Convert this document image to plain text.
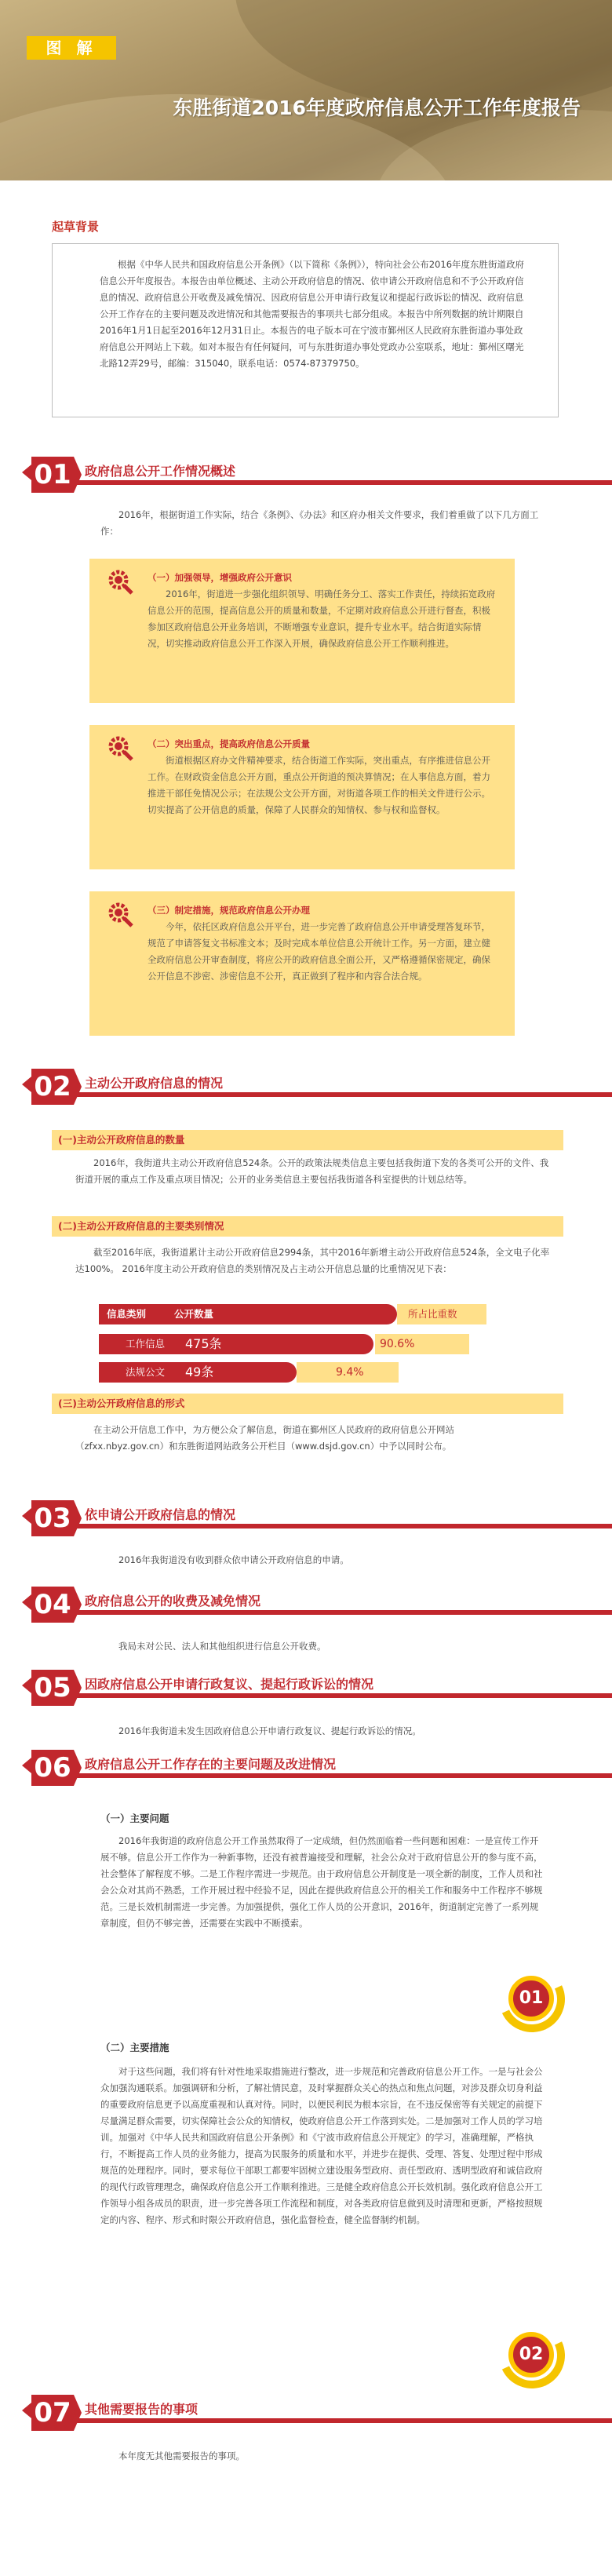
图 解
东胜街道2016年度政府信息公开工作年度报告
起草背景
根据《中华人民共和国政府信息公开条例》（以下简称《条例》），特向社会公布2016年度东胜街道政府信息公开年度报告。本报告由单位概述、主动公开政府信息的情况、依申请公开政府信息和不予公开政府信息的情况、政府信息公开收费及减免情况、因政府信息公开申请行政复议和提起行政诉讼的情况、政府信息公开工作存在的主要问题及改进情况和其他需要报告的事项共七部分组成。本报告中所列数据的统计期限自2016年1月1日起至2016年12月31日止。本报告的电子版本可在宁波市鄞州区人民政府东胜街道办事处政府信息公开网站上下载。如对本报告有任何疑问，可与东胜街道办事处党政办公室联系，地址：鄞州区曙光北路12弄29号，邮编：315040，联系电话：0574-87379750。
01 政府信息公开工作情况概述
2016年，根据街道工作实际，结合《条例》、《办法》和区府办相关文件要求，我们着重做了以下几方面工作：
（一）加强领导，增强政府公开意识
2016年，街道进一步强化组织领导、明确任务分工、落实工作责任，持续拓宽政府信息公开的范围，提高信息公开的质量和数量，不定期对政府信息公开进行督查，积极参加区政府信息公开业务培训，不断增强专业意识，提升专业水平。结合街道实际情况，切实推动政府信息公开工作深入开展，确保政府信息公开工作顺利推进。
（二）突出重点，提高政府信息公开质量
街道根据区府办文件精神要求，结合街道工作实际，突出重点，有序推进信息公开工作。在财政资金信息公开方面，重点公开街道的预决算情况；在人事信息方面，着力推进干部任免情况公示；在法规公文公开方面，对街道各项工作的相关文件进行公示。切实提高了公开信息的质量，保障了人民群众的知情权、参与权和监督权。
（三）制定措施，规范政府信息公开办理
今年，依托区政府信息公开平台，进一步完善了政府信息公开申请受理答复环节，规范了申请答复文书标准文本；及时完成本单位信息公开统计工作。另一方面，建立健全政府信息公开审查制度，将应公开的政府信息全面公开，又严格遵循保密规定，确保公开信息不涉密、涉密信息不公开，真正做到了程序和内容合法合规。
02 主动公开政府信息的情况
(一)主动公开政府信息的数量
2016年，我街道共主动公开政府信息524条。公开的政策法规类信息主要包括我街道下发的各类可公开的文件、我街道开展的重点工作及重点项目情况；公开的业务类信息主要包括我街道各科室提供的计划总结等。
(二)主动公开政府信息的主要类别情况
截至2016年底，我街道累计主动公开政府信息2994条，其中2016年新增主动公开政府信息524条，全文电子化率达100%。 2016年度主动公开政府信息的类别情况及占主动公开信息总量的比重情况见下表：
信息类别	公开数量	所占比重数
工作信息 475条	90.6%
法规公文 49条	9.4%
(三)主动公开政府信息的形式
在主动公开信息工作中，为方便公众了解信息，街道在鄞州区人民政府的政府信息公开网站（zfxx.nbyz.gov.cn）和东胜街道网站政务公开栏目（www.dsjd.gov.cn）中予以同时公布。
03 依申请公开政府信息的情况
2016年我街道没有收到群众依申请公开政府信息的申请。
04 政府信息公开的收费及减免情况
我局未对公民、法人和其他组织进行信息公开收费。
05 因政府信息公开申请行政复议、提起行政诉讼的情况
2016年我街道未发生因政府信息公开申请行政复议、提起行政诉讼的情况。
06 政府信息公开工作存在的主要问题及改进情况
（一）主要问题
2016年我街道的政府信息公开工作虽然取得了一定成绩，但仍然面临着一些问题和困难：一是宣传工作开展不够。信息公开工作作为一种新事物，还没有被普遍接受和理解，社会公众对于政府信息公开的参与度不高，社会整体了解程度不够。二是工作程序需进一步规范。由于政府信息公开制度是一项全新的制度，工作人员和社会公众对其尚不熟悉，工作开展过程中经验不足，因此在提供政府信息公开的相关工作和服务中工作程序不够规范。三是长效机制需进一步完善。为加强提供，强化工作人员的公开意识，2016年，街道制定完善了一系列规章制度，但仍不够完善，还需要在实践中不断摸索。
01
（二）主要措施
对于这些问题，我们将有针对性地采取措施进行整改，进一步规范和完善政府信息公开工作。一是与社会公众加强沟通联系。加强调研和分析，了解社情民意，及时掌握群众关心的热点和焦点问题，对涉及群众切身利益的重要政府信息更予以高度重视和认真对待。同时，以便民利民为根本宗旨，在不违反保密等有关规定的前提下尽量满足群众需要，切实保障社会公众的知情权，使政府信息公开工作落到实处。二是加强对工作人员的学习培训。加强对《中华人民共和国政府信息公开条例》和《宁波市政府信息公开规定》的学习，准确理解，严格执行，不断提高工作人员的业务能力，提高为民服务的质量和水平，并进步在提供、受理、答复、处理过程中形成规范的处理程序。同时，要求每位干部职工都要牢固树立建设服务型政府、责任型政府、透明型政府和诚信政府的现代行政管理理念，确保政府信息公开工作顺利推进。三是健全政府信息公开长效机制。强化政府信息公开工作领导小组各成员的职责，进一步完善各项工作流程和制度，对各类政府信息做到及时清理和更新，严格按照规定的内容、程序、形式和时限公开政府信息，强化监督检查，健全监督制约机制。
02
07 其他需要报告的事项
本年度无其他需要报告的事项。
